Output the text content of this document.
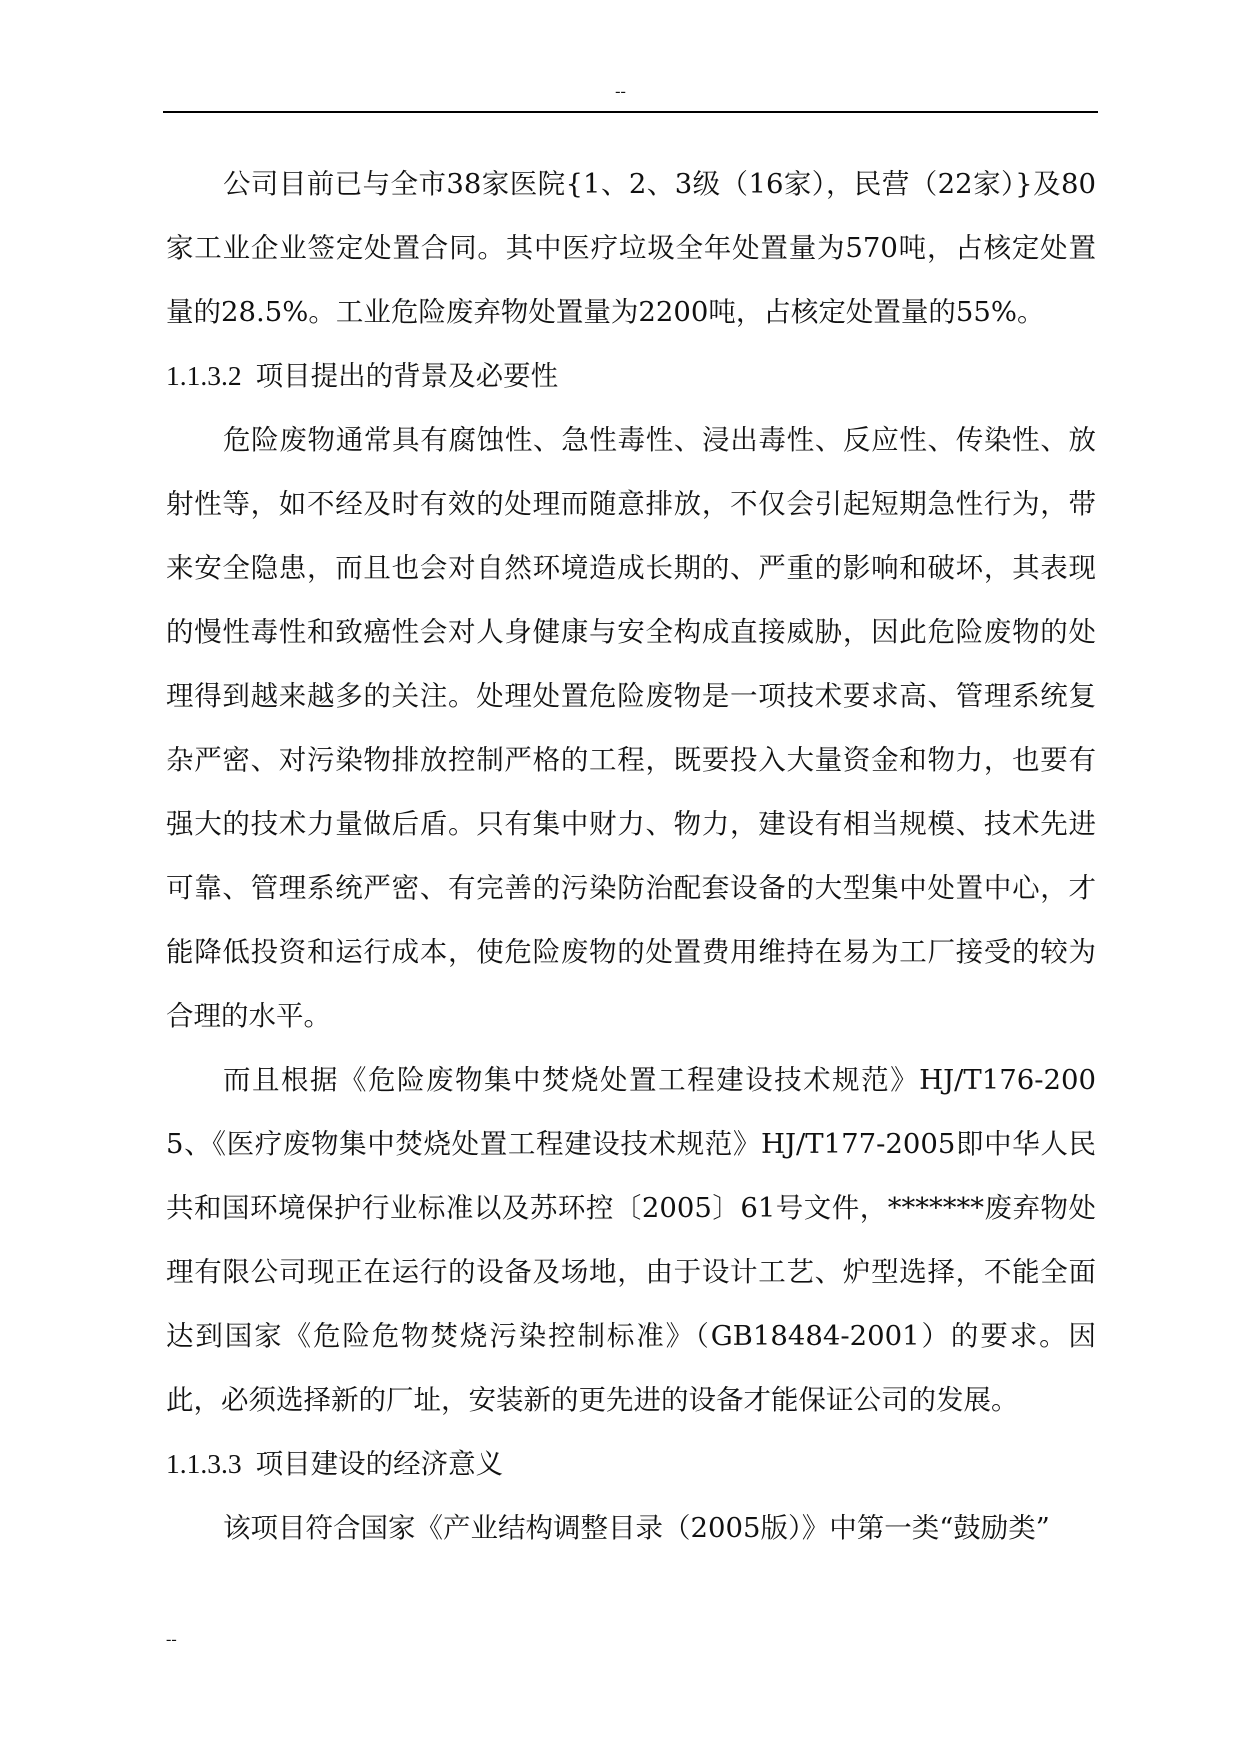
--

公司目前已与全市38家医院{1、2、3级（16家），民营（22家）}及80家工业企业签定处置合同。其中医疗垃圾全年处置量为570吨，占核定处置量的28.5%。工业危险废弃物处置量为2200吨，占核定处置量的55%。

1.1.3.2 项目提出的背景及必要性

危险废物通常具有腐蚀性、急性毒性、浸出毒性、反应性、传染性、放射性等，如不经及时有效的处理而随意排放，不仅会引起短期急性行为，带来安全隐患，而且也会对自然环境造成长期的、严重的影响和破坏，其表现的慢性毒性和致癌性会对人身健康与安全构成直接威胁，因此危险废物的处理得到越来越多的关注。处理处置危险废物是一项技术要求高、管理系统复杂严密、对污染物排放控制严格的工程，既要投入大量资金和物力，也要有强大的技术力量做后盾。只有集中财力、物力，建设有相当规模、技术先进可靠、管理系统严密、有完善的污染防治配套设备的大型集中处置中心，才能降低投资和运行成本，使危险废物的处置费用维持在易为工厂接受的较为合理的水平。

而且根据《危险废物集中焚烧处置工程建设技术规范》HJ/T176-2005、《医疗废物集中焚烧处置工程建设技术规范》HJ/T177-2005即中华人民共和国环境保护行业标准以及苏环控〔2005〕61号文件，*******废弃物处理有限公司现正在运行的设备及场地，由于设计工艺、炉型选择，不能全面达到国家《危险危物焚烧污染控制标准》（GB18484-2001）的要求。因此，必须选择新的厂址，安装新的更先进的设备才能保证公司的发展。

1.1.3.3 项目建设的经济意义

该项目符合国家《产业结构调整目录（2005版）》中第一类“鼓励类”

--
